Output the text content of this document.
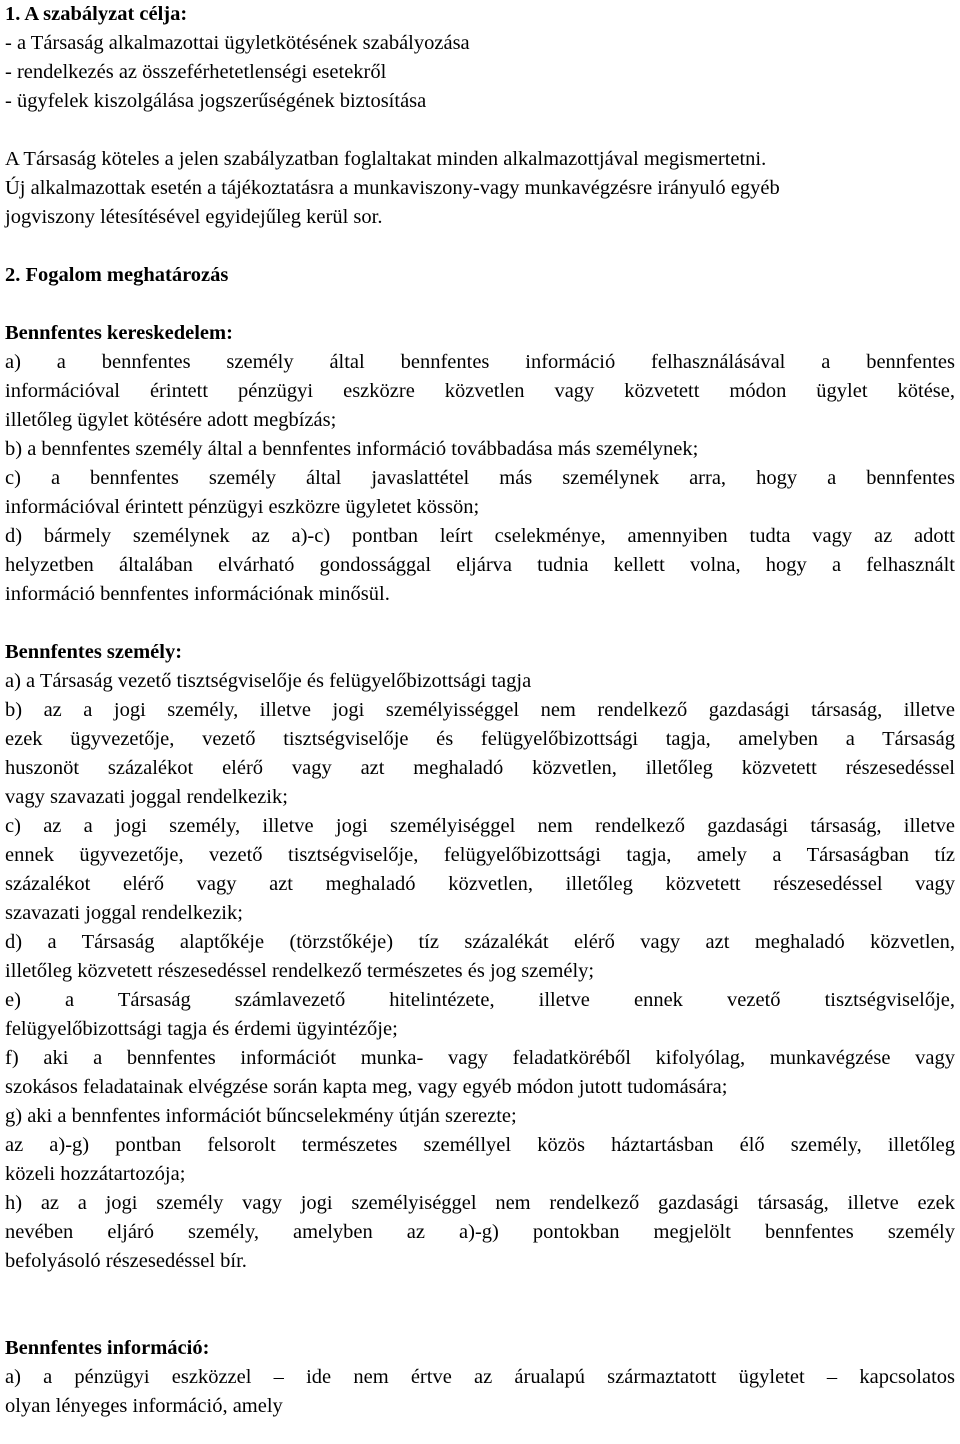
1. A szabályzat célja:
- a Társaság alkalmazottai ügyletkötésének szabályozása
- rendelkezés az összeférhetetlenségi esetekről
- ügyfelek kiszolgálása jogszerűségének biztosítása
A Társaság köteles a jelen szabályzatban foglaltakat minden alkalmazottjával megismertetni.
Új alkalmazottak esetén a tájékoztatásra a munkaviszony-vagy munkavégzésre irányuló egyéb
jogviszony létesítésével egyidejűleg kerül sor.
2. Fogalom meghatározás
Bennfentes kereskedelem:
a) a bennfentes személy által bennfentes információ felhasználásával a bennfentes
információval érintett pénzügyi eszközre közvetlen vagy közvetett módon ügylet kötése,
illetőleg ügylet kötésére adott megbízás;
b) a bennfentes személy által a bennfentes információ továbbadása más személynek;
c) a bennfentes személy által javaslattétel más személynek arra, hogy a bennfentes
információval érintett pénzügyi eszközre ügyletet kössön;
d) bármely személynek az a)-c) pontban leírt cselekménye, amennyiben tudta vagy az adott
helyzetben általában elvárható gondossággal eljárva tudnia kellett volna, hogy a felhasznált
információ bennfentes információnak minősül.
Bennfentes személy:
a) a Társaság vezető tisztségviselője és felügyelőbizottsági tagja
b) az a jogi személy, illetve jogi személyisséggel nem rendelkező gazdasági társaság, illetve
ezek ügyvezetője, vezető tisztségviselője és felügyelőbizottsági tagja, amelyben a Társaság
huszonöt százalékot elérő vagy azt meghaladó közvetlen, illetőleg közvetett részesedéssel
vagy szavazati joggal rendelkezik;
c) az a jogi személy, illetve jogi személyiséggel nem rendelkező gazdasági társaság, illetve
ennek ügyvezetője, vezető tisztségviselője, felügyelőbizottsági tagja, amely a Társaságban tíz
százalékot elérő vagy azt meghaladó közvetlen, illetőleg közvetett részesedéssel vagy
szavazati joggal rendelkezik;
d) a Társaság alaptőkéje (törzstőkéje) tíz százalékát elérő vagy azt meghaladó közvetlen,
illetőleg közvetett részesedéssel rendelkező természetes és jog személy;
e) a Társaság számlavezető hitelintézete, illetve ennek vezető tisztségviselője,
felügyelőbizottsági tagja és érdemi ügyintézője;
f) aki a bennfentes információt munka- vagy feladatköréből kifolyólag, munkavégzése vagy
szokásos feladatainak elvégzése során kapta meg, vagy egyéb módon jutott tudomására;
g) aki a bennfentes információt bűncselekmény útján szerezte;
az a)-g) pontban felsorolt természetes személlyel közös háztartásban élő személy, illetőleg
közeli hozzátartozója;
h) az a jogi személy vagy jogi személyiséggel nem rendelkező gazdasági társaság, illetve ezek
nevében eljáró személy, amelyben az a)-g) pontokban megjelölt bennfentes személy
befolyásoló részesedéssel bír.
Bennfentes információ:
a) a pénzügyi eszközzel – ide nem értve az árualapú származtatott ügyletet – kapcsolatos
olyan lényeges információ, amely
